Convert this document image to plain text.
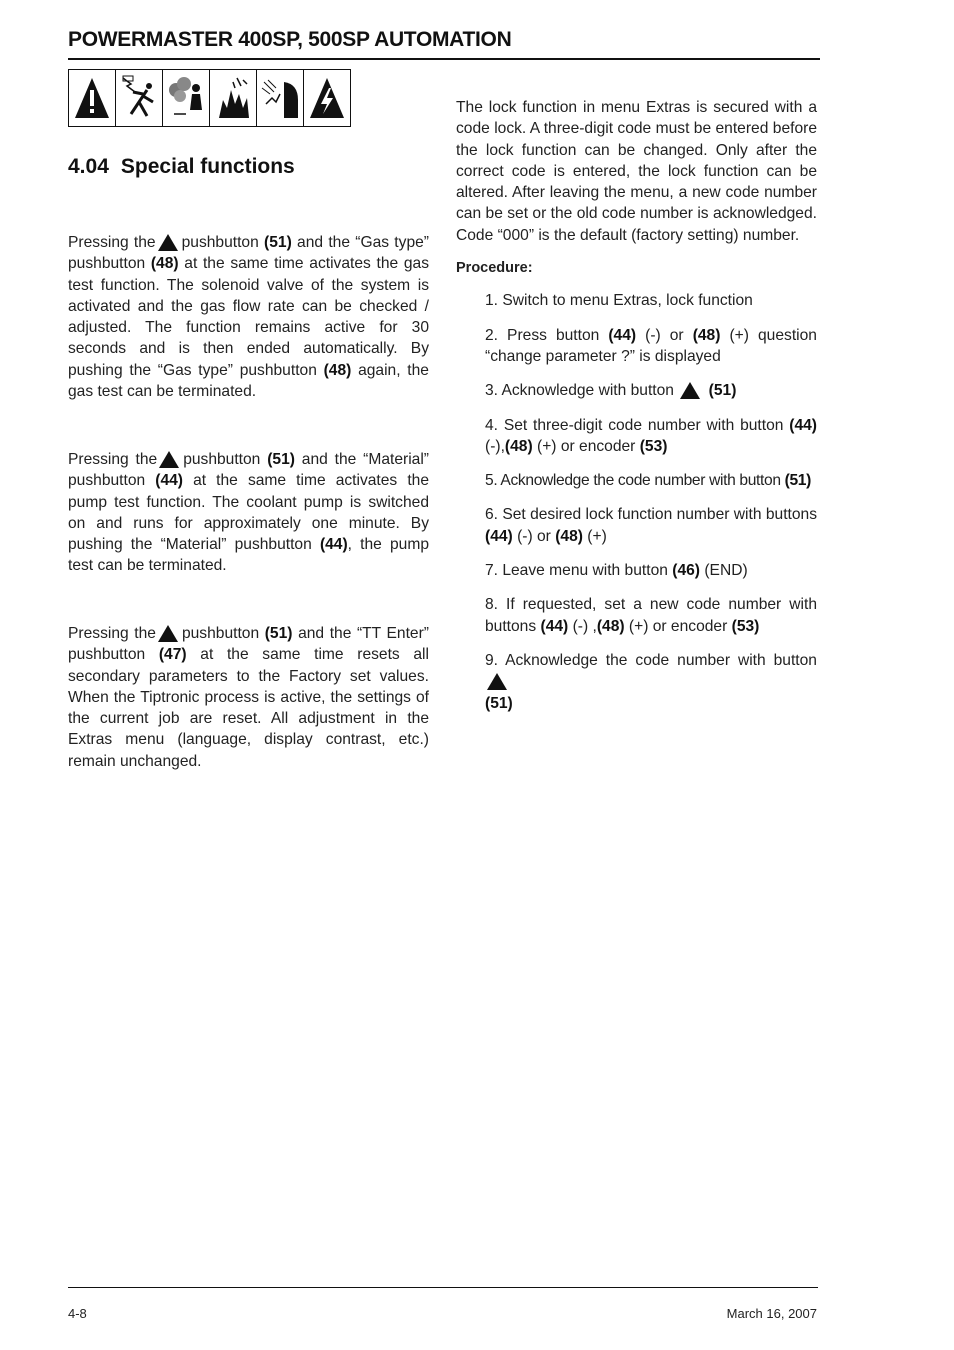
POWERMASTER 400SP, 500SP AUTOMATION
4.04 Special functions

Pressing the pushbutton (51) and the “Gas type” pushbutton (48) at the same time activates the gas test function. The solenoid valve of the system is activated and the gas flow rate can be checked / adjusted. The function remains active for 30 seconds and is then ended automatically. By pushing the “Gas type” pushbutton (48) again, the gas test can be terminated.

Pressing the pushbutton (51) and the “Material” pushbutton (44) at the same time activates the pump test function. The coolant pump is switched on and runs for approximately one minute. By pushing the “Material” pushbutton (44), the pump test can be terminated.

Pressing the pushbutton (51) and the “TT Enter” pushbutton (47) at the same time resets all secondary parameters to the Factory set values. When the Tiptronic process is active, the settings of the current job are reset. All adjustment in the Extras menu (language, display contrast, etc.) remain unchanged.

The lock function in menu Extras is secured with a code lock. A three-digit code must be entered before the lock function can be changed. Only after the correct code is entered, the lock function can be altered. After leaving the menu, a new code number can be set or the old code number is acknowledged. Code “000” is the default (factory setting) number.

Procedure:

1. Switch to menu Extras, lock function

2. Press button (44) (-) or (48) (+) question “change parameter ?” is displayed

3. Acknowledge with button (51)

4. Set three-digit code number with button (44) (-),(48) (+) or encoder (53)

5. Acknowledge the code number with button (51)

6. Set desired lock function number with buttons (44) (-) or (48) (+)

7. Leave menu with button (46) (END)

8. If requested, set a new code number with buttons (44) (-) ,(48) (+) or encoder (53)

9. Acknowledge the code number with button
(51)

4-8	March 16, 2007
